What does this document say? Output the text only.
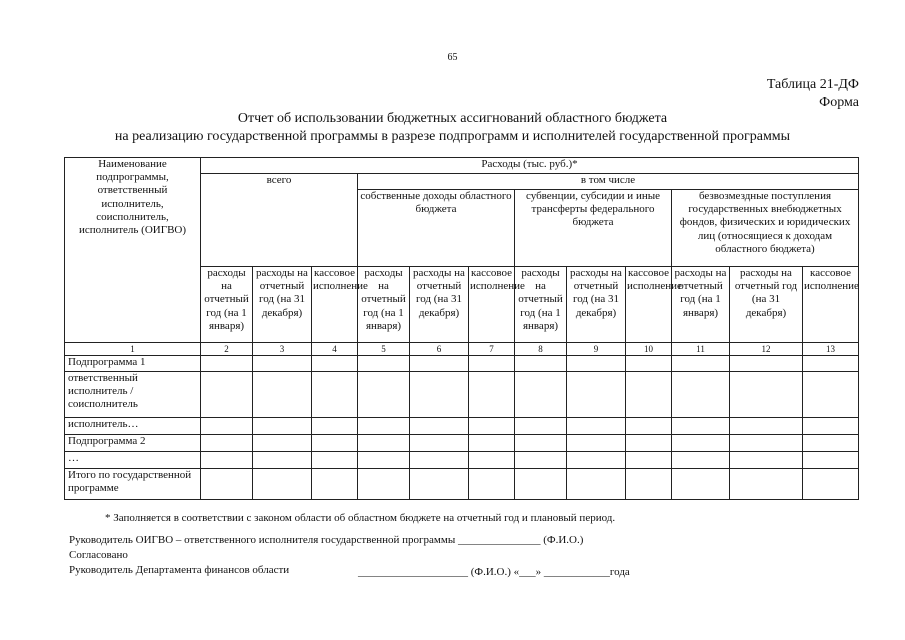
65
Таблица 21-ДФ
Форма
Отчет об использовании бюджетных ассигнований областного бюджета
на реализацию государственной программы в разрезе подпрограмм и исполнителей государственной программы
Наименование подпрограммы, ответственный исполнитель, соисполнитель, исполнитель (ОИГВО)	Расходы (тыс. руб.)*											
	всего			в том числе								
				собственные доходы областного бюджета			субвенции, субсидии и иные трансферты федерального бюджета			безвозмездные поступления государственных внебюджетных фондов, физических и юридических лиц (относящиеся к доходам областного бюджета)		
	расходы на отчетный год (на 1 января)	расходы на отчетный год (на 31 декабря)	кассовое исполнение	расходы на отчетный год (на 1 января)	расходы на отчетный год (на 31 декабря)	кассовое исполнение	расходы на отчетный год (на 1 января)	расходы на отчетный год (на 31 декабря)	кассовое исполнение	расходы на отчетный год (на 1 января)	расходы на отчетный год (на 31 декабря)	кассовое исполнение
1	2	3	4	5	6	7	8	9	10	11	12	13
Подпрограмма 1												
ответственный исполнитель / соисполнитель												
исполнитель…												
Подпрограмма 2												
…												
Итого по государственной программе												
* Заполняется в соответствии с законом области об областном бюджете на отчетный год и плановый период.
Руководитель ОИГВО – ответственного исполнителя государственной программы _______________ (Ф.И.О.)
Согласовано
Руководитель Департамента финансов области	____________________ (Ф.И.О.) «___» ____________года
